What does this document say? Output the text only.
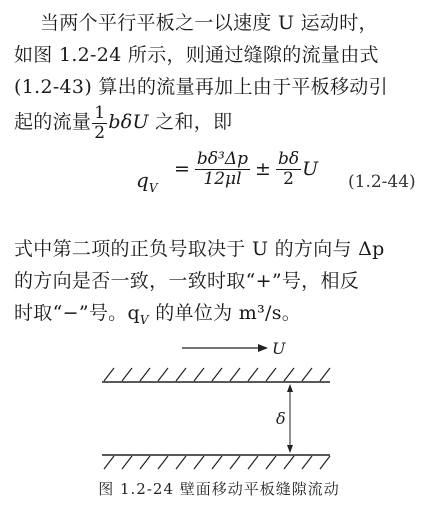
当两个平行平板之一以速度 U 运动时，
如图 1.2-24 所示，则通过缝隙的流量由式
(1.2-43) 算出的流量再加上由于平板移动引
起的流量 $\frac{1}{2}$ bδU 之和，即
$q_V$
= $\frac{\text{bδ³Δp}}{12\mu l} \pm \frac{b\delta}{2}$ U
(1.2-44)
式中第二项的正负号取决于 U 的方向与 Δp
的方向是否一致，一致时取“+”号，相反
时取“−”号。$q_V$ 的单位为 m³/s。
U
δ
图 1.2-24 壁面移动平板缝隙流动
